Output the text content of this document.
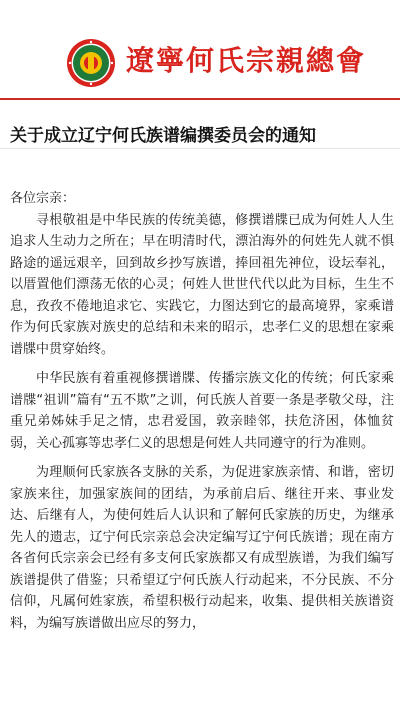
遼寧何氏宗親總會
关于成立辽宁何氏族谱编撰委员会的通知

各位宗亲：

寻根敬祖是中华民族的传统美德，修撰谱牒已成为何姓人人生追求人生动力之所在；早在明清时代，漂泊海外的何姓先人就不惧路途的遥远艰辛，回到故乡抄写族谱，捧回祖先神位，设坛奉礼，以厝置他们漂荡无依的心灵；何姓人世世代代以此为目标，生生不息，孜孜不倦地追求它、实践它，力图达到它的最高境界，家乘谱作为何氏家族对族史的总结和未来的昭示，忠孝仁义的思想在家乘谱牒中贯穿始终。

中华民族有着重视修撰谱牒、传播宗族文化的传统；何氏家乘谱牒“祖训”篇有“五不欺”之训，何氏族人首要一条是孝敬父母，注重兄弟姊妹手足之情，忠君爱国，敦亲睦邻，扶危济困，体恤贫弱，关心孤寡等忠孝仁义的思想是何姓人共同遵守的行为准则。

为理顺何氏家族各支脉的关系，为促进家族亲情、和谐，密切家族来往，加强家族间的团结，为承前启后、继往开来、事业发达、后继有人，为使何姓后人认识和了解何氏家族的历史，为继承先人的遗志，辽宁何氏宗亲总会决定编写辽宁何氏族谱；现在南方各省何氏宗亲会已经有多支何氏家族都又有成型族谱，为我们编写族谱提供了借鉴；只希望辽宁何氏族人行动起来，不分民族、不分信仰，凡属何姓家族，希望积极行动起来，收集、提供相关族谱资料，为编写族谱做出应尽的努力，
